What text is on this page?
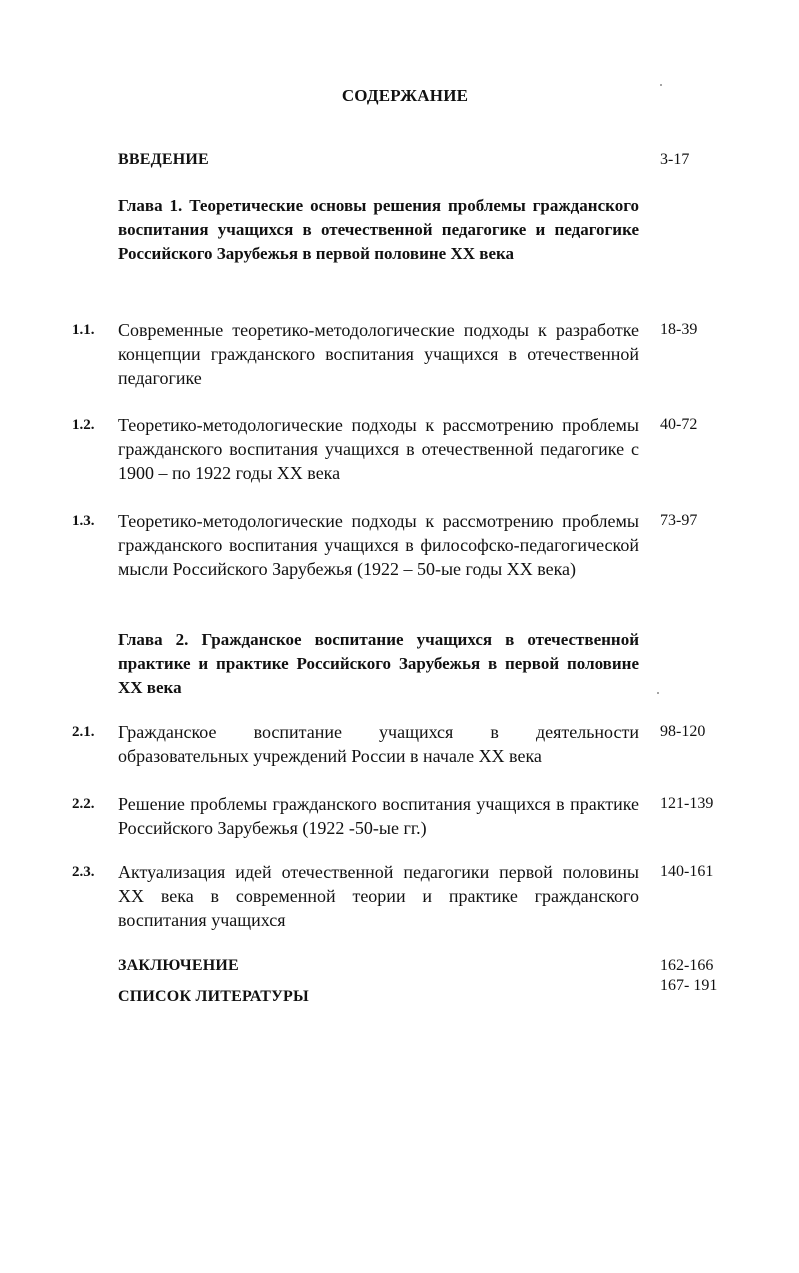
СОДЕРЖАНИЕ
ВВЕДЕНИЕ	3-17
Глава 1. Теоретические основы решения проблемы гражданского воспитания учащихся в отечественной педагогике и педагогике Российского Зарубежья в первой половине XX века
1.1. Современные теоретико-методологические подходы к разработке концепции гражданского воспитания учащихся в отечественной педагогике
18-39
1.2. Теоретико-методологические подходы к рассмотрению проблемы гражданского воспитания учащихся в отечественной педагогике с 1900 – по 1922 годы XX века
40-72
1.3. Теоретико-методологические подходы к рассмотрению проблемы гражданского воспитания учащихся в философско-педагогической мысли Российского Зарубежья (1922 – 50-ые годы XX века)
73-97
Глава 2. Гражданское воспитание учащихся в отечественной практике и практике Российского Зарубежья в первой половине XX века
2.1. Гражданское воспитание учащихся в деятельности образовательных учреждений России в начале XX века
98-120
2.2. Решение проблемы гражданского воспитания учащихся в практике Российского Зарубежья (1922 -50-ые гг.)
121-139
2.3. Актуализация идей отечественной педагогики первой половины XX века в современной теории и практике гражданского воспитания учащихся
140-161
ЗАКЛЮЧЕНИЕ	162-166
СПИСОК ЛИТЕРАТУРЫ
167- 191
